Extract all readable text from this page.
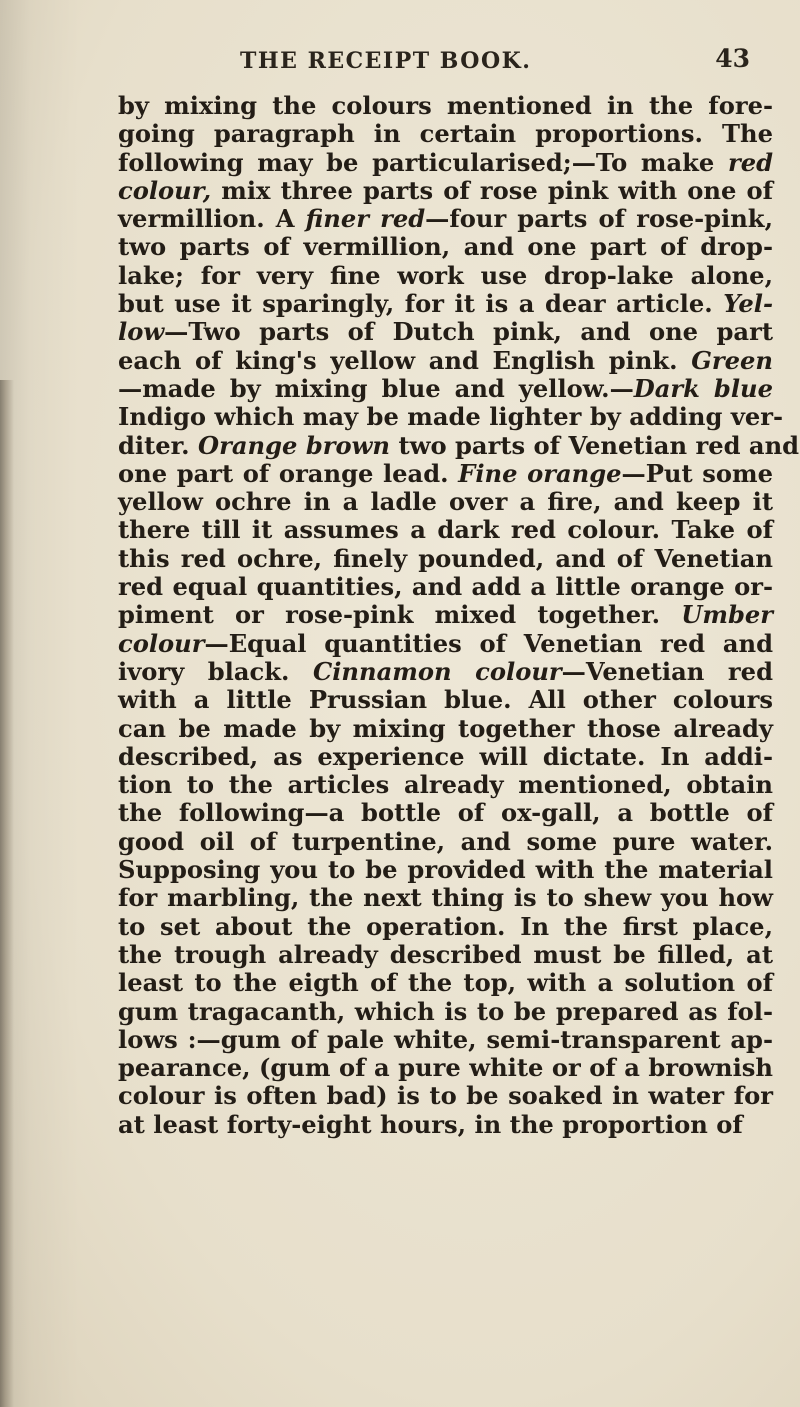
THE RECEIPT BOOK.	43
by mixing the colours mentioned in the fore-
going paragraph in certain proportions. The
following may be particularised;—To make red
colour, mix three parts of rose pink with one of
vermillion. A finer red—four parts of rose-pink,
two parts of vermillion, and one part of drop-
lake; for very fine work use drop-lake alone,
but use it sparingly, for it is a dear article. Yel-
low—Two parts of Dutch pink, and one part
each of king's yellow and English pink. Green
—made by mixing blue and yellow.—Dark blue
Indigo which may be made lighter by adding ver-
diter. Orange brown two parts of Venetian red and
one part of orange lead. Fine orange—Put some
yellow ochre in a ladle over a fire, and keep it
there till it assumes a dark red colour. Take of
this red ochre, finely pounded, and of Venetian
red equal quantities, and add a little orange or-
piment or rose-pink mixed together. Umber
colour—Equal quantities of Venetian red and
ivory black. Cinnamon colour—Venetian red
with a little Prussian blue. All other colours
can be made by mixing together those already
described, as experience will dictate. In addi-
tion to the articles already mentioned, obtain
the following—a bottle of ox-gall, a bottle of
good oil of turpentine, and some pure water.
Supposing you to be provided with the material
for marbling, the next thing is to shew you how
to set about the operation. In the first place,
the trough already described must be filled, at
least to the eigth of the top, with a solution of
gum tragacanth, which is to be prepared as fol-
lows :—gum of pale white, semi-transparent ap-
pearance, (gum of a pure white or of a brownish
colour is often bad) is to be soaked in water for
at least forty-eight hours, in the proportion of
